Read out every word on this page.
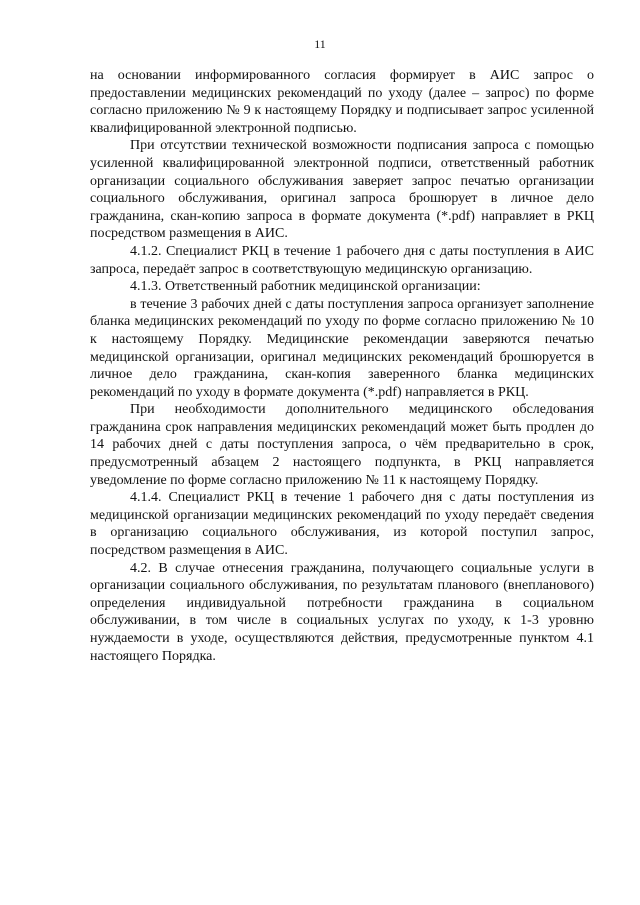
11

на основании информированного согласия формирует в АИС запрос о предоставлении медицинских рекомендаций по уходу (далее – запрос) по форме согласно приложению № 9 к настоящему Порядку и подписывает запрос усиленной квалифицированной электронной подписью.

При отсутствии технической возможности подписания запроса с помощью усиленной квалифицированной электронной подписи, ответственный работник организации социального обслуживания заверяет запрос печатью организации социального обслуживания, оригинал запроса брошюрует в личное дело гражданина, скан-копию запроса в формате документа (*.pdf) направляет в РКЦ посредством размещения в АИС.

4.1.2. Специалист РКЦ в течение 1 рабочего дня с даты поступления в АИС запроса, передаёт запрос в соответствующую медицинскую организацию.

4.1.3. Ответственный работник медицинской организации:

в течение 3 рабочих дней с даты поступления запроса организует заполнение бланка медицинских рекомендаций по уходу по форме согласно приложению № 10 к настоящему Порядку. Медицинские рекомендации заверяются печатью медицинской организации, оригинал медицинских рекомендаций брошюруется в личное дело гражданина, скан-копия заверенного бланка медицинских рекомендаций по уходу в формате документа (*.pdf) направляется в РКЦ.

При необходимости дополнительного медицинского обследования гражданина срок направления медицинских рекомендаций может быть продлен до 14 рабочих дней с даты поступления запроса, о чём предварительно в срок, предусмотренный абзацем 2 настоящего подпункта, в РКЦ направляется уведомление по форме согласно приложению № 11 к настоящему Порядку.

4.1.4. Специалист РКЦ в течение 1 рабочего дня с даты поступления из медицинской организации медицинских рекомендаций по уходу передаёт сведения в организацию социального обслуживания, из которой поступил запрос, посредством размещения в АИС.

4.2. В случае отнесения гражданина, получающего социальные услуги в организации социального обслуживания, по результатам планового (внепланового) определения индивидуальной потребности гражданина в социальном обслуживании, в том числе в социальных услугах по уходу, к 1-3 уровню нуждаемости в уходе, осуществляются действия, предусмотренные пунктом 4.1 настоящего Порядка.
